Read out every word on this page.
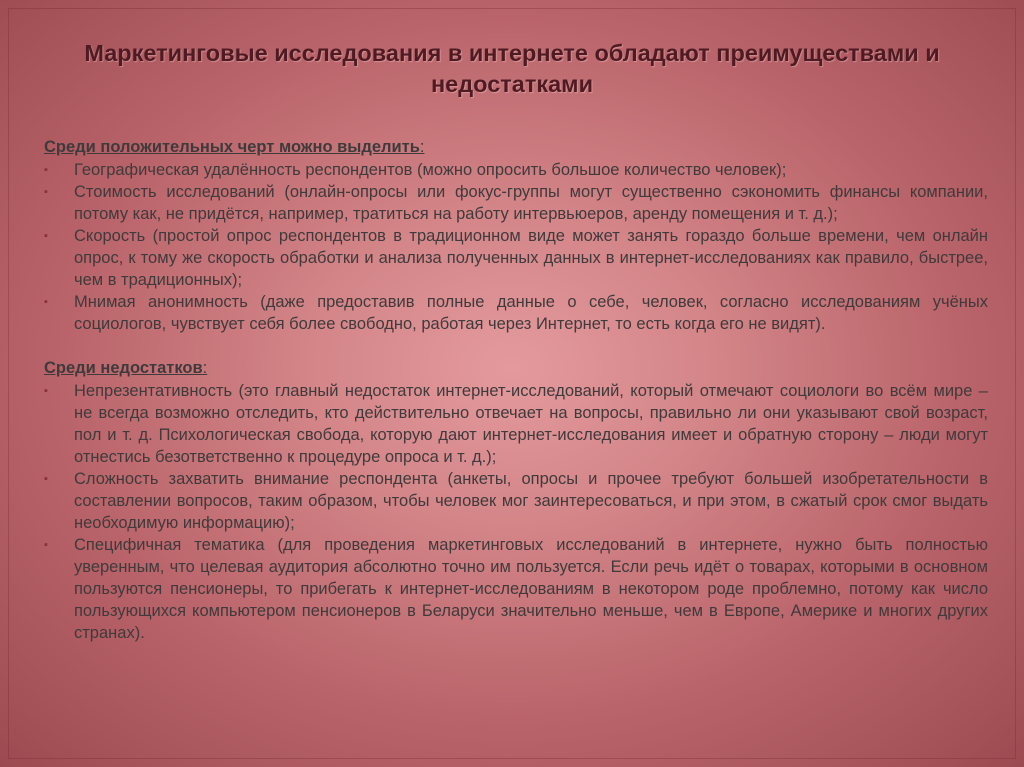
Маркетинговые исследования в интернете обладают преимуществами и недостатками

Среди положительных черт можно выделить:

▪ Географическая удалённость респондентов (можно опросить большое количество человек);
▪ Стоимость исследований (онлайн-опросы или фокус-группы могут существенно сэкономить финансы компании, потому как, не придётся, например, тратиться на работу интервьюеров, аренду помещения и т. д.);
▪ Скорость (простой опрос респондентов в традиционном виде может занять гораздо больше времени, чем онлайн опрос, к тому же скорость обработки и анализа полученных данных в интернет-исследованиях как правило, быстрее, чем в традиционных);
▪ Мнимая анонимность (даже предоставив полные данные о себе, человек, согласно исследованиям учёных социологов, чувствует себя более свободно, работая через Интернет, то есть когда его не видят).

Среди недостатков:

▪ Непрезентативность (это главный недостаток интернет-исследований, который отмечают социологи во всём мире – не всегда возможно отследить, кто действительно отвечает на вопросы, правильно ли они указывают свой возраст, пол и т. д. Психологическая свобода, которую дают интернет-исследования имеет и обратную сторону – люди могут отнестись безответственно к процедуре опроса и т. д.);
▪ Сложность захватить внимание респондента (анкеты, опросы и прочее требуют большей изобретательности в составлении вопросов, таким образом, чтобы человек мог заинтересоваться, и при этом, в сжатый срок смог выдать необходимую информацию);
▪ Специфичная тематика (для проведения маркетинговых исследований в интернете, нужно быть полностью уверенным, что целевая аудитория абсолютно точно им пользуется. Если речь идёт о товарах, которыми в основном пользуются пенсионеры, то прибегать к интернет-исследованиям в некотором роде проблемно, потому как число пользующихся компьютером пенсионеров в Беларуси значительно меньше, чем в Европе, Америке и многих других странах).
